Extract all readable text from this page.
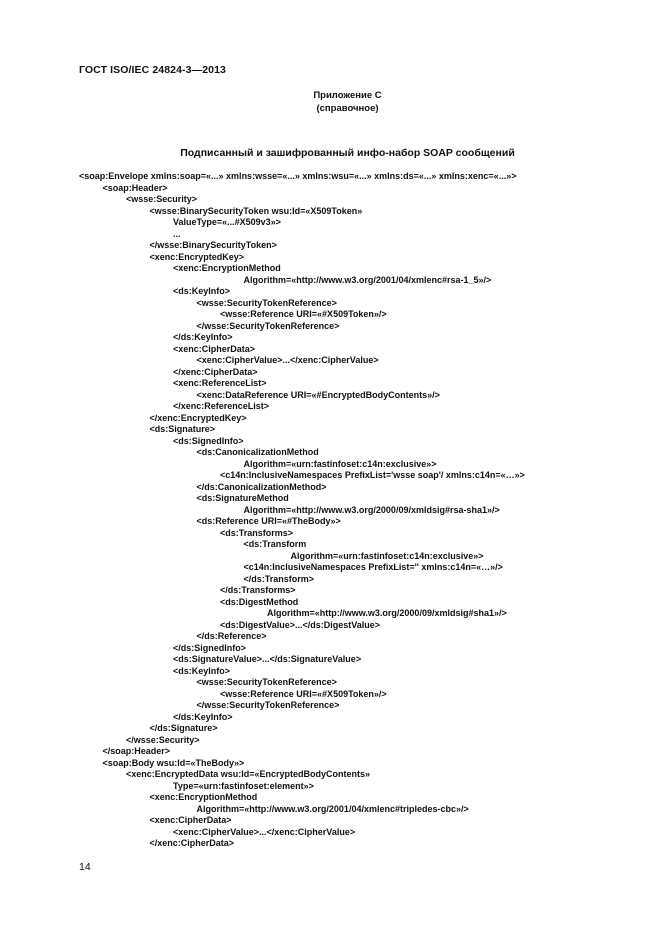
ГОСТ ISO/IEC 24824-3—2013
Приложение С
(справочное)
Подписанный и зашифрованный инфо-набор SOAP сообщений
<soap:Envelope xmlns:soap=«...» xmlns:wsse=«...» xmlns:wsu=«...» xmlns:ds=«...» xmlns:xenc=«...»>
<soap:Header>
<wsse:Security>
<wsse:BinarySecurityToken wsu:Id=«X509Token»
ValueType=«...#X509v3»>
...
</wsse:BinarySecurityToken>
<xenc:EncryptedKey>
<xenc:EncryptionMethod
Algorithm=«http://www.w3.org/2001/04/xmlenc#rsa-1_5»/>
<ds:KeyInfo>
<wsse:SecurityTokenReference>
<wsse:Reference URI=«#X509Token»/>
</wsse:SecurityTokenReference>
</ds:KeyInfo>
<xenc:CipherData>
<xenc:CipherValue>...</xenc:CipherValue>
</xenc:CipherData>
<xenc:ReferenceList>
<xenc:DataReference URI=«#EncryptedBodyContents»/>
</xenc:ReferenceList>
</xenc:EncryptedKey>
<ds:Signature>
<ds:SignedInfo>
<ds:CanonicalizationMethod
Algorithm=«urn:fastinfoset:c14n:exclusive»>
<c14n:InclusiveNamespaces PrefixList='wsse soap'/ xmlns:c14n=«…»>
</ds:CanonicalizationMethod>
<ds:SignatureMethod
Algorithm=«http://www.w3.org/2000/09/xmldsig#rsa-sha1»/>
<ds:Reference URI=«#TheBody»>
<ds:Transforms>
<ds:Transform
Algorithm=«urn:fastinfoset:c14n:exclusive»>
<c14n:InclusiveNamespaces PrefixList='' xmlns:c14n=«…»/>
</ds:Transform>
</ds:Transforms>
<ds:DigestMethod
Algorithm=«http://www.w3.org/2000/09/xmldsig#sha1»/>
<ds:DigestValue>...</ds:DigestValue>
</ds:Reference>
</ds:SignedInfo>
<ds:SignatureValue>...</ds:SignatureValue>
<ds:KeyInfo>
<wsse:SecurityTokenReference>
<wsse:Reference URI=«#X509Token»/>
</wsse:SecurityTokenReference>
</ds:KeyInfo>
</ds:Signature>
</wsse:Security>
</soap:Header>
<soap:Body wsu:Id=«TheBody»>
<xenc:EncryptedData wsu:Id=«EncryptedBodyContents»
Type=«urn:fastinfoset:element»>
<xenc:EncryptionMethod
Algorithm=«http://www.w3.org/2001/04/xmlenc#tripledes-cbc»/>
<xenc:CipherData>
<xenc:CipherValue>...</xenc:CipherValue>
</xenc:CipherData>
14
